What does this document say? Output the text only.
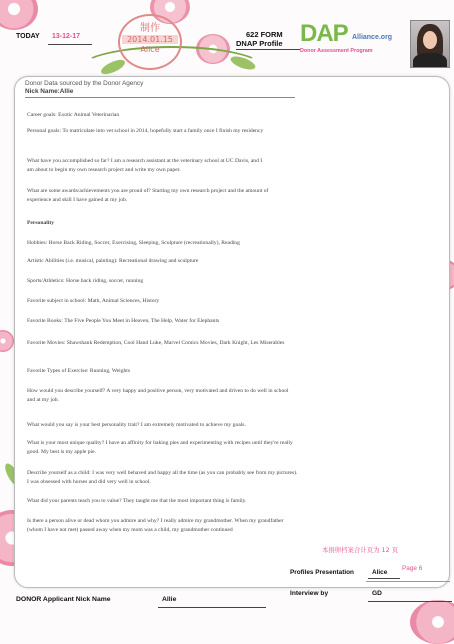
TODAY 13-12-17
制作
2014.01.15
Alice
622 FORM
DNAP Profile DAP Alliance.org
Donor Assessment Program
Donor Data sourced by the Donor Agency
Nick Name:Allie
Career goals: Exotic Animal Veterinarian
Personal goals: To matriculate into vet school in 2014, hopefully start a family once I finish my residency
What have you accomplished so far? I am a research assistant at the veterinary school at UC Davis, and I am about to begin my own research project and write my own paper.
What are some awards/achievements you are proud of? Starting my own research project and the amount of experience and skill I have gained at my job.
Personality
Hobbies: Horse Back Riding, Soccer, Exercising, Sleeping, Sculpture (recreationally), Reading
Artistic Abilities (i.e. musical, painting): Recreational drawing and sculpture
Sports/Athletics: Horse back riding, soccer, running
Favorite subject in school: Math, Animal Sciences, History
Favorite Books: The Five People You Meet in Heaven, The Help, Water for Elephants
Favorite Movies: Shawshank Redemption, Cool Hand Luke, Marvel Comics Movies, Dark Knight, Les Miserables
Favorite Types of Exercise: Running, Weights
How would you describe yourself? A very happy and positive person, very motivated and driven to do well in school and at my job.
What would you say is your best personality trait? I am extremely motivated to achieve my goals.
What is your most unique quality? I have an affinity for baking pies and experimenting with recipes until they're really good. My best is my apple pie.
Describe yourself as a child: I was very well behaved and happy all the time (as you can probably see from my pictures). I was obsessed with horses and did very well in school.
What did your parents teach you to value? They taught me that the most important thing is family.
Is there a person alive or dead whom you admire and why? I really admire my grandmother. When my grandfather (whom I have not met) passed away when my mom was a child, my grandmother continued
本捐卵档案合计页为 12 页
Profiles Presentation	Alice
Page 6
Interview by	GD
DONOR Applicant Nick Name	Allie
